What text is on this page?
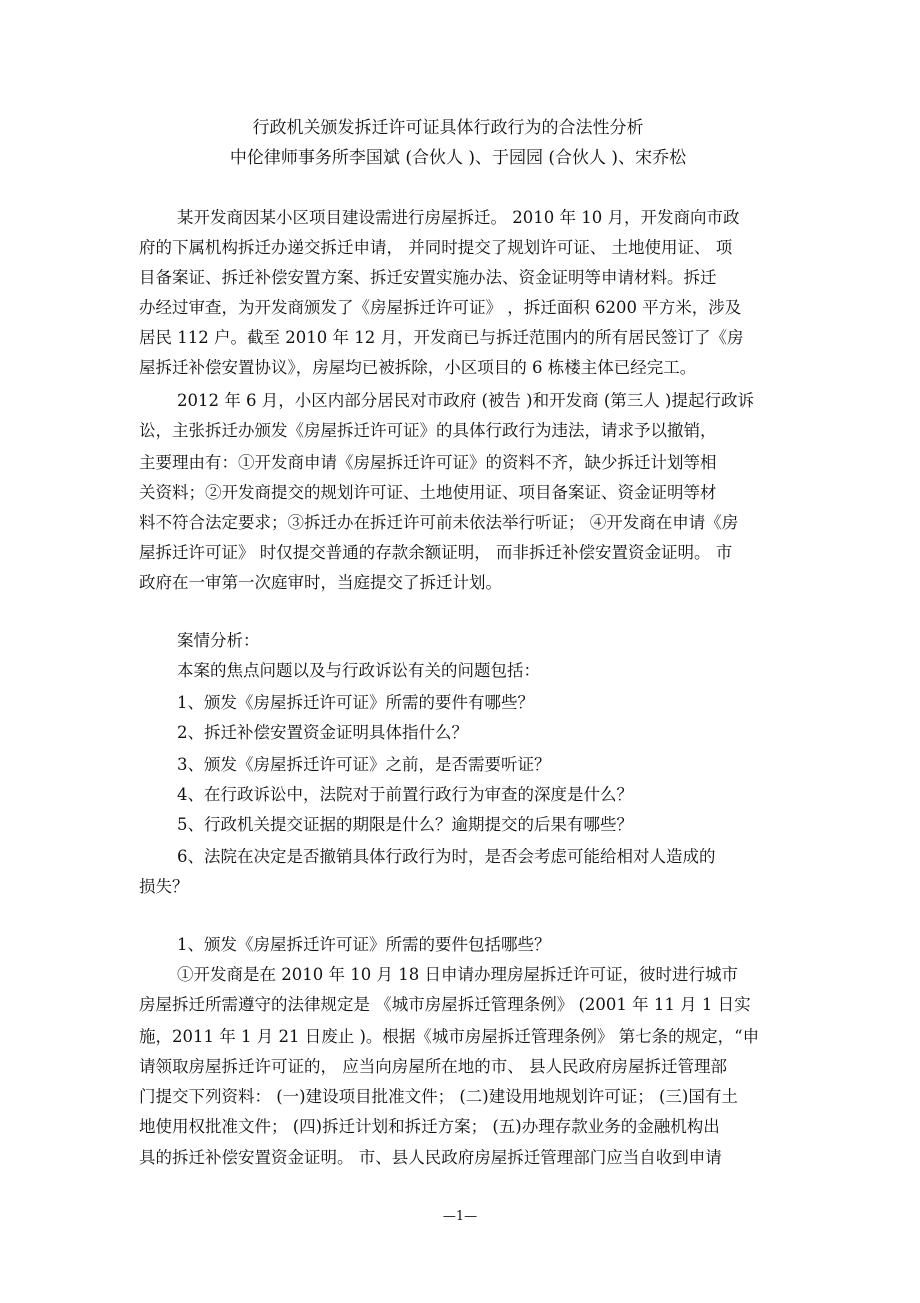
行政机关颁发拆迁许可证具体行政行为的合法性分析
中伦律师事务所李国斌 (合伙人 )、于园园 (合伙人 )、宋乔松
某开发商因某小区项目建设需进行房屋拆迁。 2010 年 10 月，开发商向市政
府的下属机构拆迁办递交拆迁申请， 并同时提交了规划许可证、 土地使用证、 项
目备案证、拆迁补偿安置方案、拆迁安置实施办法、资金证明等申请材料。拆迁
办经过审查，为开发商颁发了《房屋拆迁许可证》 ，拆迁面积 6200 平方米，涉及
居民 112 户。截至 2010 年 12 月，开发商已与拆迁范围内的所有居民签订了《房
屋拆迁补偿安置协议》，房屋均已被拆除，小区项目的 6 栋楼主体已经完工。
2012 年 6 月，小区内部分居民对市政府 (被告 )和开发商 (第三人 )提起行政诉
讼，主张拆迁办颁发《房屋拆迁许可证》的具体行政行为违法，请求予以撤销，
主要理由有：①开发商申请《房屋拆迁许可证》的资料不齐，缺少拆迁计划等相
关资料；②开发商提交的规划许可证、土地使用证、项目备案证、资金证明等材
料不符合法定要求；③拆迁办在拆迁许可前未依法举行听证； ④开发商在申请《房
屋拆迁许可证》 时仅提交普通的存款余额证明， 而非拆迁补偿安置资金证明。 市
政府在一审第一次庭审时，当庭提交了拆迁计划。
案情分析：
本案的焦点问题以及与行政诉讼有关的问题包括：
1、颁发《房屋拆迁许可证》所需的要件有哪些？
2、拆迁补偿安置资金证明具体指什么？
3、颁发《房屋拆迁许可证》之前，是否需要听证？
4、在行政诉讼中，法院对于前置行政行为审查的深度是什么？
5、行政机关提交证据的期限是什么？逾期提交的后果有哪些？
6、法院在决定是否撤销具体行政行为时，是否会考虑可能给相对人造成的
损失？
1、颁发《房屋拆迁许可证》所需的要件包括哪些？
①开发商是在 2010 年 10 月 18 日申请办理房屋拆迁许可证，彼时进行城市
房屋拆迁所需遵守的法律规定是 《城市房屋拆迁管理条例》 (2001 年 11 月 1 日实
施，2011 年 1 月 21 日废止 )。根据《城市房屋拆迁管理条例》 第七条的规定，“申
请领取房屋拆迁许可证的， 应当向房屋所在地的市、 县人民政府房屋拆迁管理部
门提交下列资料： (一)建设项目批准文件； (二)建设用地规划许可证； (三)国有土
地使用权批准文件； (四)拆迁计划和拆迁方案； (五)办理存款业务的金融机构出
具的拆迁补偿安置资金证明。 市、县人民政府房屋拆迁管理部门应当自收到申请
—1—
